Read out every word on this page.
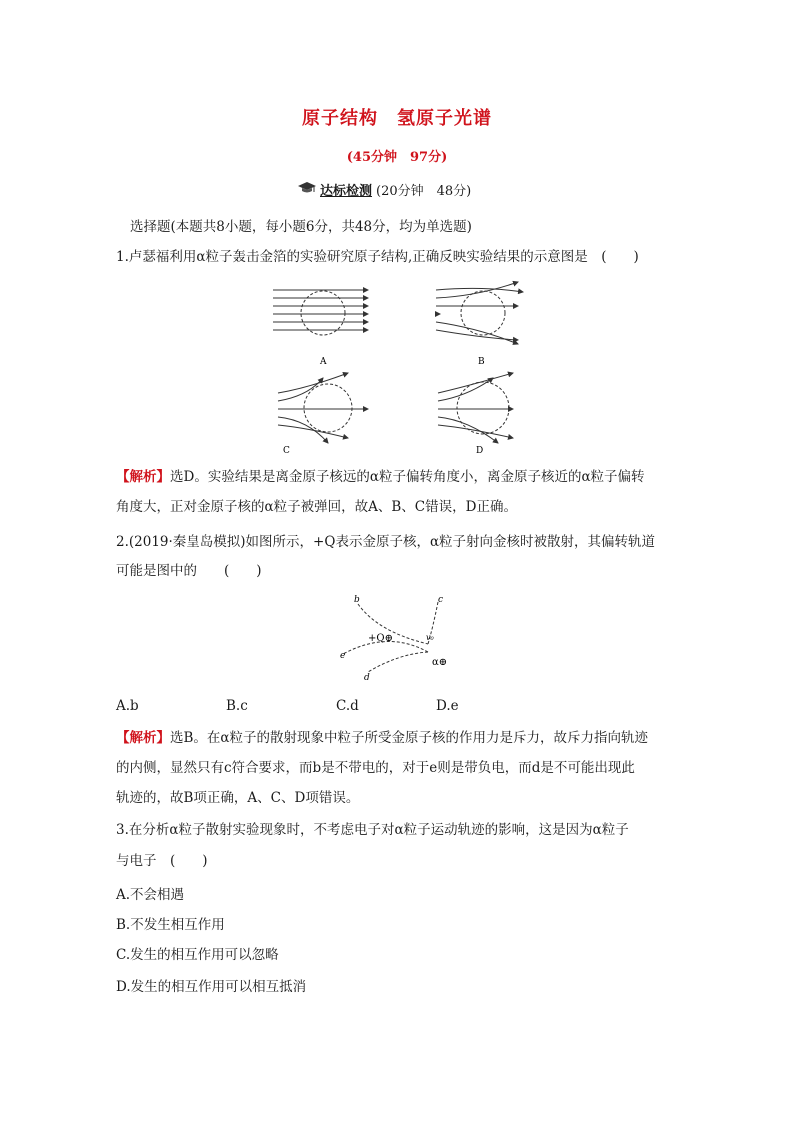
原子结构　氢原子光谱
(45分钟　97分)
达标检测 (20分钟　48分)
选择题(本题共8小题，每小题6分，共48分，均为单选题)
1.卢瑟福利用α粒子轰击金箔的实验研究原子结构,正确反映实验结果的示意图是　(　　)
A	B
C	D
【解析】选D。实验结果是离金原子核远的α粒子偏转角度小，离金原子核近的α粒子偏转
角度大，正对金原子核的α粒子被弹回，故A、B、C错误，D正确。
2.(2019·秦皇岛模拟)如图所示，+Q表示金原子核，α粒子射向金核时被散射，其偏转轨道
可能是图中的　　(　　)
b	c
+Q⊕	v₀
e
α⊕
d
A.b	B.c	C.d	D.e
【解析】选B。在α粒子的散射现象中粒子所受金原子核的作用力是斥力，故斥力指向轨迹
的内侧，显然只有c符合要求，而b是不带电的，对于e则是带负电，而d是不可能出现此
轨迹的，故B项正确，A、C、D项错误。
3.在分析α粒子散射实验现象时，不考虑电子对α粒子运动轨迹的影响，这是因为α粒子
与电子　(　　)
A.不会相遇
B.不发生相互作用
C.发生的相互作用可以忽略
D.发生的相互作用可以相互抵消
